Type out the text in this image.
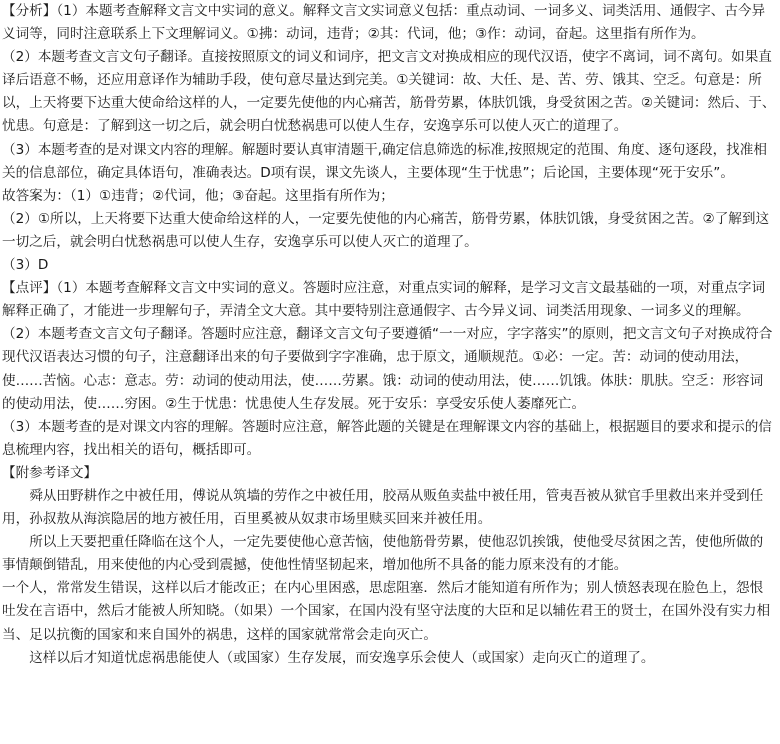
【分析】（1）本题考查解释文言文中实词的意义。解释文言文实词意义包括：重点动词、一词多义、词类活用、通假字、古今异义词等，同时注意联系上下文理解词义。①拂：动词，违背；②其：代词，他；③作：动词，奋起。这里指有所作为。

（2）本题考查文言文句子翻译。直接按照原文的词义和词序，把文言文对换成相应的现代汉语，使字不离词，词不离句。如果直译后语意不畅，还应用意译作为辅助手段，使句意尽量达到完美。①关键词：故、大任、是、苦、劳、饿其、空乏。句意是：所以，上天将要下达重大使命给这样的人，一定要先使他的内心痛苦，筋骨劳累，体肤饥饿，身受贫困之苦。②关键词：然后、于、忧患。句意是：了解到这一切之后，就会明白忧愁祸患可以使人生存，安逸享乐可以使人灭亡的道理了。

（3）本题考查的是对课文内容的理解。解题时要认真审清题干,确定信息筛选的标准,按照规定的范围、角度、逐句逐段，找准相关的信息部位，确定具体语句，准确表达。D项有误，课文先谈人，主要体现“生于忧患”；后论国，主要体现“死于安乐”。

故答案为：（1）①违背；②代词，他；③奋起。这里指有所作为；

（2）①所以，上天将要下达重大使命给这样的人，一定要先使他的内心痛苦，筋骨劳累，体肤饥饿，身受贫困之苦。②了解到这一切之后，就会明白忧愁祸患可以使人生存，安逸享乐可以使人灭亡的道理了。

（3）D

【点评】（1）本题考查解释文言文中实词的意义。答题时应注意，对重点实词的解释，是学习文言文最基础的一项，对重点字词解释正确了，才能进一步理解句子，弄清全文大意。其中要特别注意通假字、古今异义词、词类活用现象、一词多义的理解。

（2）本题考查文言文句子翻译。答题时应注意，翻译文言文句子要遵循“一一对应，字字落实”的原则，把文言文句子对换成符合现代汉语表达习惯的句子，注意翻译出来的句子要做到字字准确，忠于原文，通顺规范。①必：一定。苦：动词的使动用法，使……苦恼。心志：意志。劳：动词的使动用法，使……劳累。饿：动词的使动用法，使……饥饿。体肤：肌肤。空乏：形容词的使动用法，使……穷困。②生于忧患：忧患使人生存发展。死于安乐：享受安乐使人萎靡死亡。

（3）本题考查的是对课文内容的理解。答题时应注意，解答此题的关键是在理解课文内容的基础上，根据题目的要求和提示的信息梳理内容，找出相关的语句，概括即可。

【附参考译文】

舜从田野耕作之中被任用，傅说从筑墙的劳作之中被任用，胶鬲从贩鱼卖盐中被任用，管夷吾被从狱官手里救出来并受到任用，孙叔敖从海滨隐居的地方被任用，百里奚被从奴隶市场里赎买回来并被任用。

所以上天要把重任降临在这个人，一定先要使他心意苦恼，使他筋骨劳累，使他忍饥挨饿，使他受尽贫困之苦，使他所做的事情颠倒错乱，用来使他的内心受到震撼，使他性情坚韧起来，增加他所不具备的能力原来没有的才能。

一个人，常常发生错误，这样以后才能改正；在内心里困惑，思虑阻塞．然后才能知道有所作为；别人愤怒表现在脸色上，怨恨吐发在言语中，然后才能被人所知晓。（如果）一个国家，在国内没有坚守法度的大臣和足以辅佐君王的贤士，在国外没有实力相当、足以抗衡的国家和来自国外的祸患，这样的国家就常常会走向灭亡。

这样以后才知道忧虑祸患能使人（或国家）生存发展，而安逸享乐会使人（或国家）走向灭亡的道理了。
